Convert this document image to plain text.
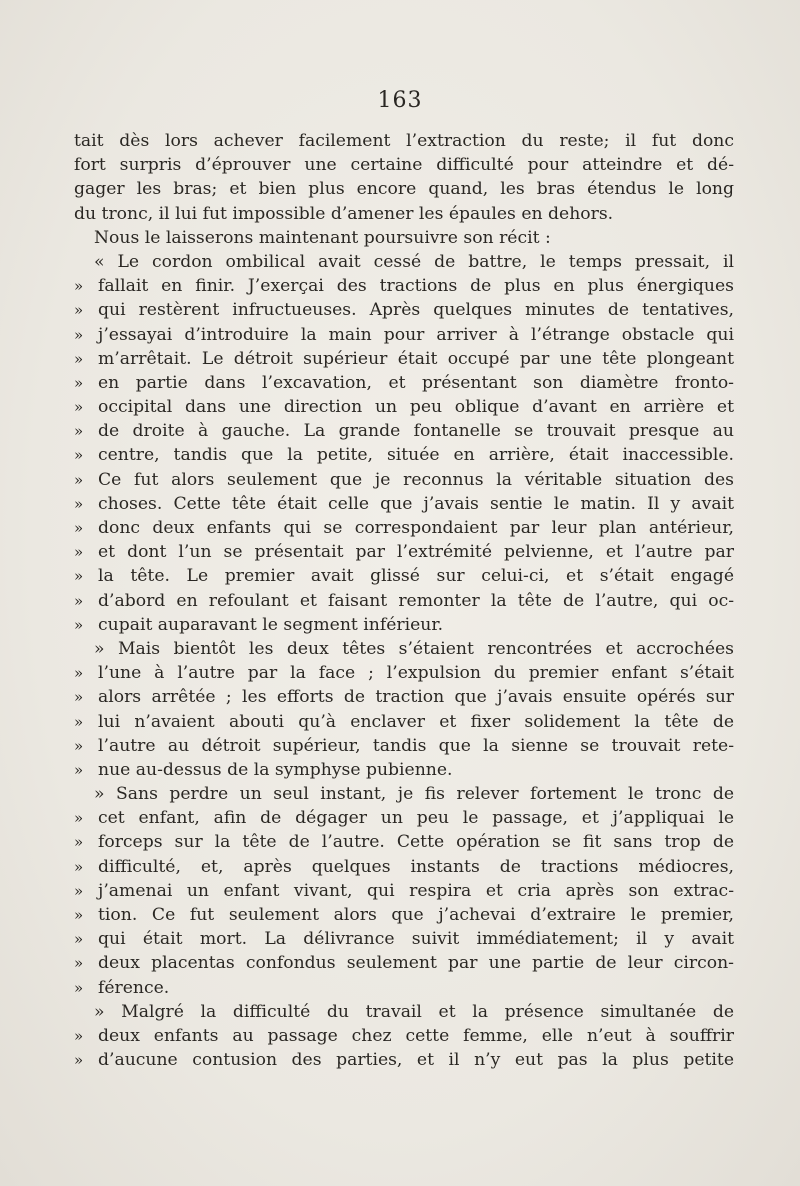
163
tait dès lors achever facilement l’extraction du reste; il fut donc
fort surpris d’éprouver une certaine difficulté pour atteindre et dé-
gager les bras; et bien plus encore quand, les bras étendus le long
du tronc, il lui fut impossible d’amener les épaules en dehors.
Nous le laisserons maintenant poursuivre son récit :
« Le cordon ombilical avait cessé de battre, le temps pressait, il
» fallait en finir. J’exerçai des tractions de plus en plus énergiques
» qui restèrent infructueuses. Après quelques minutes de tentatives,
» j’essayai d’introduire la main pour arriver à l’étrange obstacle qui
» m’arrêtait. Le détroit supérieur était occupé par une tête plongeant
» en partie dans l’excavation, et présentant son diamètre fronto-
» occipital dans une direction un peu oblique d’avant en arrière et
» de droite à gauche. La grande fontanelle se trouvait presque au
» centre, tandis que la petite, située en arrière, était inaccessible.
» Ce fut alors seulement que je reconnus la véritable situation des
» choses. Cette tête était celle que j’avais sentie le matin. Il y avait
» donc deux enfants qui se correspondaient par leur plan antérieur,
» et dont l’un se présentait par l’extrémité pelvienne, et l’autre par
» la tête. Le premier avait glissé sur celui-ci, et s’était engagé
» d’abord en refoulant et faisant remonter la tête de l’autre, qui oc-
» cupait auparavant le segment inférieur.
» Mais bientôt les deux têtes s’étaient rencontrées et accrochées
» l’une à l’autre par la face ; l’expulsion du premier enfant s’était
» alors arrêtée ; les efforts de traction que j’avais ensuite opérés sur
» lui n’avaient abouti qu’à enclaver et fixer solidement la tête de
» l’autre au détroit supérieur, tandis que la sienne se trouvait rete-
» nue au-dessus de la symphyse pubienne.
» Sans perdre un seul instant, je fis relever fortement le tronc de
» cet enfant, afin de dégager un peu le passage, et j’appliquai le
» forceps sur la tête de l’autre. Cette opération se fit sans trop de
» difficulté, et, après quelques instants de tractions médiocres,
» j’amenai un enfant vivant, qui respira et cria après son extrac-
» tion. Ce fut seulement alors que j’achevai d’extraire le premier,
» qui était mort. La délivrance suivit immédiatement; il y avait
» deux placentas confondus seulement par une partie de leur circon-
» férence.
» Malgré la difficulté du travail et la présence simultanée de
» deux enfants au passage chez cette femme, elle n’eut à souffrir
» d’aucune contusion des parties, et il n’y eut pas la plus petite
